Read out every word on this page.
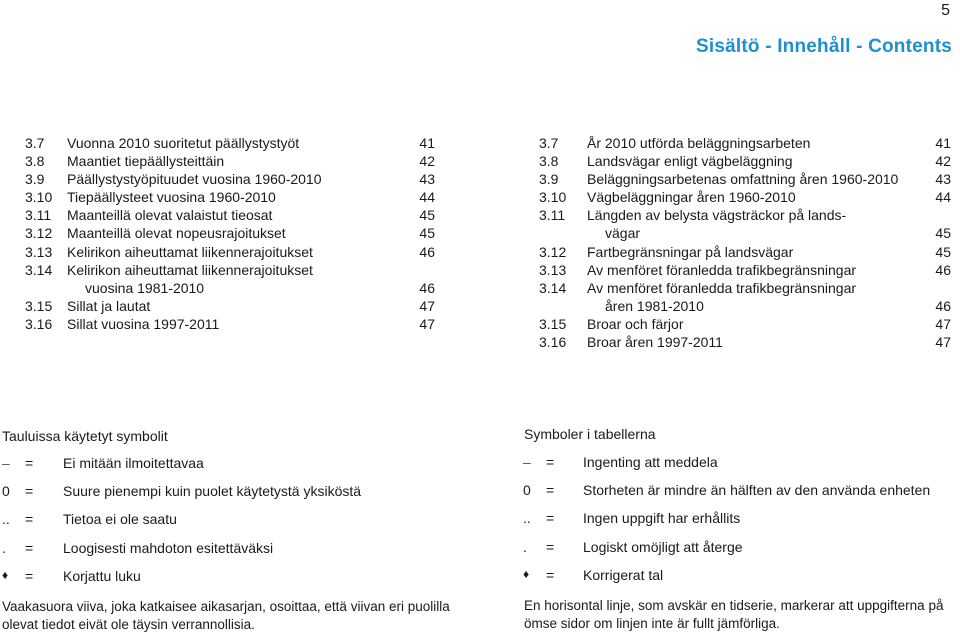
5
Sisältö - Innehåll - Contents
3.7 Vuonna 2010 suoritetut päällystystyöt	41
3.8 Maantiet tiepäällysteittäin	42
3.9 Päällystystyöpituudet vuosina 1960-2010	43
3.10 Tiepäällysteet vuosina 1960-2010	44
3.11 Maanteillä olevat valaistut tieosat	45
3.12 Maanteillä olevat nopeusrajoitukset	45
3.13 Kelirikon aiheuttamat liikennerajoitukset	46
3.14 Kelirikon aiheuttamat liikennerajoitukset
vuosina 1981-2010	46
3.15 Sillat ja lautat	47
3.16 Sillat vuosina 1997-2011	47
3.7 År 2010 utförda beläggningsarbeten	41
3.8 Landsvägar enligt vägbeläggning	42
3.9 Beläggningsarbetenas omfattning åren 1960-2010	43
3.10 Vägbeläggningar åren 1960-2010	44
3.11 Längden av belysta vägsträckor på lands-
vägar	45
3.12 Fartbegränsningar på landsvägar	45
3.13 Av menföret föranledda trafikbegränsningar	46
3.14 Av menföret föranledda trafikbegränsningar
åren 1981-2010	46
3.15 Broar och färjor	47
3.16 Broar åren 1997-2011	47
Tauluissa käytetyt symbolit
– = Ei mitään ilmoitettavaa
0 = Suure pienempi kuin puolet käytetystä yksiköstä
.. = Tietoa ei ole saatu
. = Loogisesti mahdoton esitettäväksi
♦ = Korjattu luku
Vaakasuora viiva, joka katkaisee aikasarjan, osoittaa, että viivan eri puolilla olevat tiedot eivät ole täysin verrannollisia.
Symboler i tabellerna
– = Ingenting att meddela
0 = Storheten är mindre än hälften av den använda enheten
.. = Ingen uppgift har erhållits
. = Logiskt omöjligt att återge
♦ = Korrigerat tal
En horisontal linje, som avskär en tidserie, markerar att uppgifterna på ömse sidor om linjen inte är fullt jämförliga.
